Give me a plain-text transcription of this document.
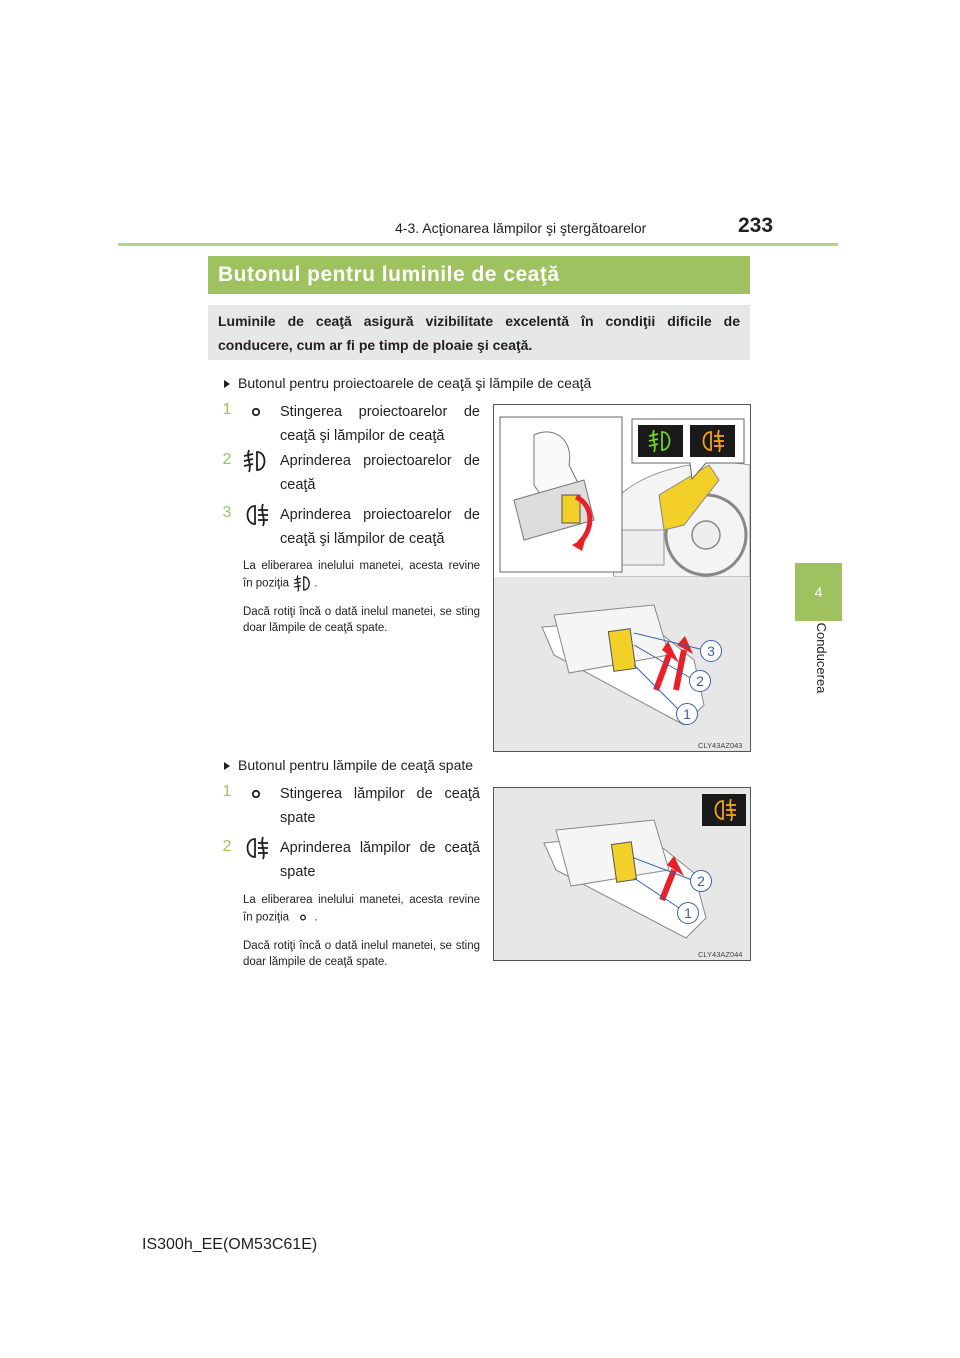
4-3. Acţionarea lămpilor şi ştergătoarelor	233
4
Conducerea
Butonul pentru luminile de ceaţă
Luminile de ceaţă asigură vizibilitate excelentă în condiţii dificile de conducere, cum ar fi pe timp de ploaie şi ceaţă.
Butonul pentru proiectoarele de ceaţă şi lămpile de ceaţă
1	Stingerea proiectoarelor de ceaţă şi lămpilor de ceaţă
2	Aprinderea proiectoarelor de ceaţă
3	Aprinderea proiectoarelor de ceaţă şi lămpilor de ceaţă
La eliberarea inelului manetei, acesta revine în poziţia .
Dacă rotiţi încă o dată inelul manetei, se sting doar lămpile de ceaţă spate.
1
2
3
CLY43AZ043
Butonul pentru lămpile de ceaţă spate
1	Stingerea lămpilor de ceaţă spate
2	Aprinderea lămpilor de ceaţă spate
La eliberarea inelului manetei, acesta revine în poziţia .
Dacă rotiţi încă o dată inelul manetei, se sting doar lămpile de ceaţă spate.
1
2
CLY43AZ044
IS300h_EE(OM53C61E)
